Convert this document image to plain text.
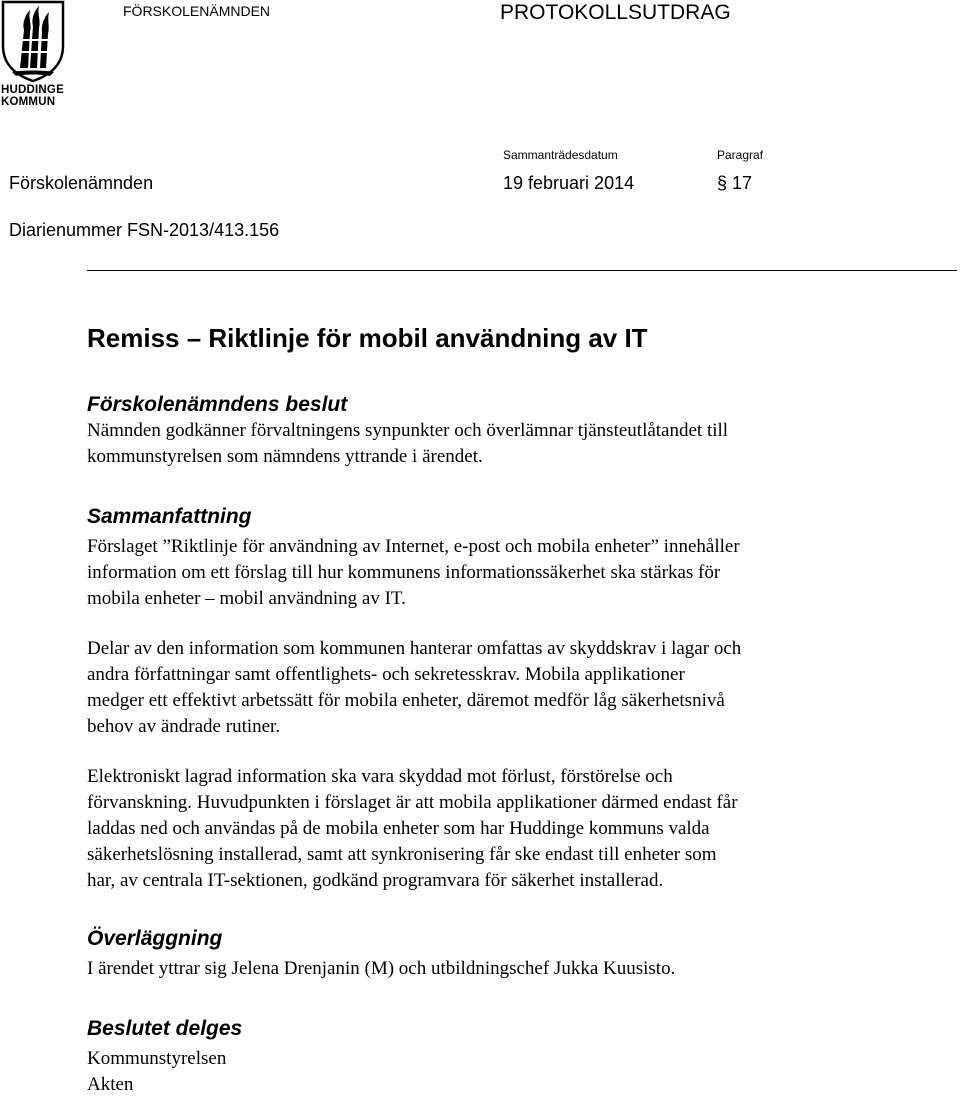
HUDDINGE
KOMMUN
FÖRSKOLENÄMNDEN	PROTOKOLLSUTDRAG
Sammanträdesdatum	Paragraf
Förskolenämnden	19 februari 2014	§ 17
Diarienummer FSN-2013/413.156
Remiss – Riktlinje för mobil användning av IT
Förskolenämndens beslut

Nämnden godkänner förvaltningens synpunkter och överlämnar tjänsteutlåtandet till
kommunstyrelsen som nämndens yttrande i ärendet.

Sammanfattning

Förslaget ”Riktlinje för användning av Internet, e-post och mobila enheter” innehåller
information om ett förslag till hur kommunens informationssäkerhet ska stärkas för
mobila enheter – mobil användning av IT.

Delar av den information som kommunen hanterar omfattas av skyddskrav i lagar och
andra författningar samt offentlighets- och sekretesskrav. Mobila applikationer
medger ett effektivt arbetssätt för mobila enheter, däremot medför låg säkerhetsnivå
behov av ändrade rutiner.

Elektroniskt lagrad information ska vara skyddad mot förlust, förstörelse och
förvanskning. Huvudpunkten i förslaget är att mobila applikationer därmed endast får
laddas ned och användas på de mobila enheter som har Huddinge kommuns valda
säkerhetslösning installerad, samt att synkronisering får ske endast till enheter som
har, av centrala IT-sektionen, godkänd programvara för säkerhet installerad.

Överläggning

I ärendet yttrar sig Jelena Drenjanin (M) och utbildningschef Jukka Kuusisto.

Beslutet delges

Kommunstyrelsen
Akten
